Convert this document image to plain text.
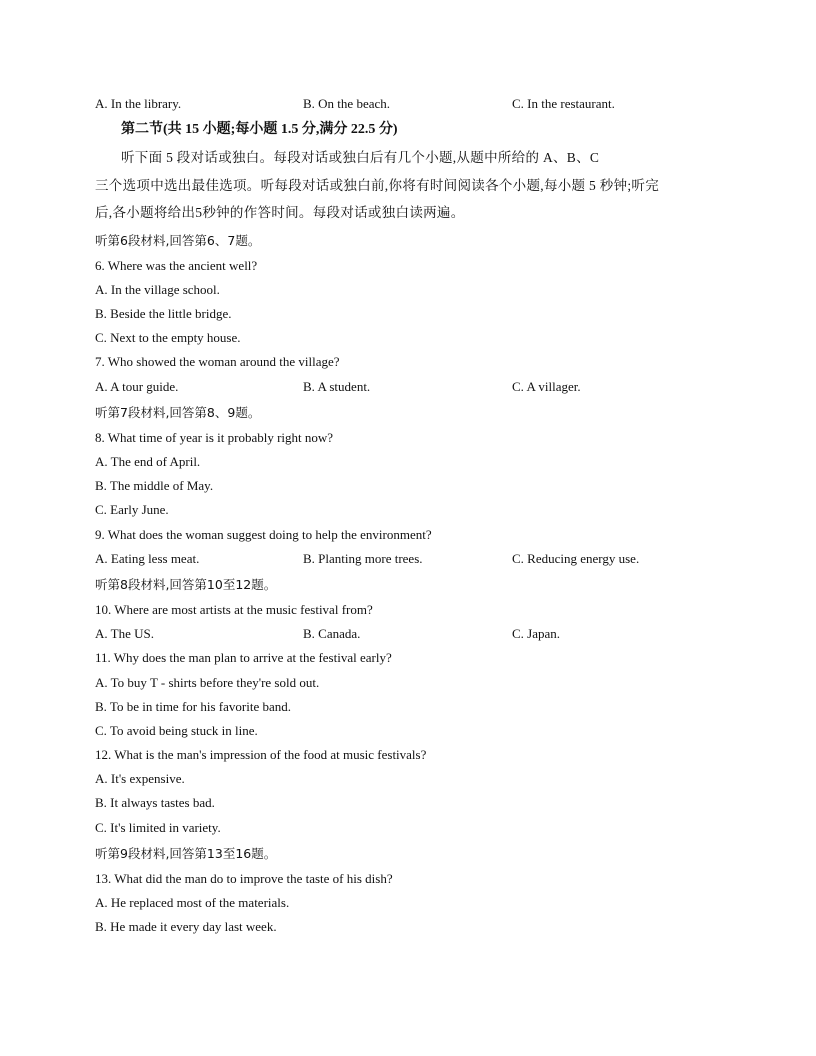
A. In the library.	B. On the beach.	C. In the restaurant.
第二节(共 15 小题;每小题 1.5 分,满分 22.5 分)
听下面 5 段对话或独白。每段对话或独白后有几个小题,从题中所给的 A、B、C
三个选项中选出最佳选项。听每段对话或独白前,你将有时间阅读各个小题,每小题 5 秒钟;听完
后,各小题将给出5秒钟的作答时间。每段对话或独白读两遍。
听第6段材料,回答第6、7题。
6. Where was the ancient well?
A. In the village school.
B. Beside the little bridge.
C. Next to the empty house.
7. Who showed the woman around the village?
A. A tour guide.	B. A student.	C. A villager.
听第7段材料,回答第8、9题。
8. What time of year is it probably right now?
A. The end of April.
B. The middle of May.
C. Early June.
9. What does the woman suggest doing to help the environment?
A. Eating less meat.	B. Planting more trees.	C. Reducing energy use.
听第8段材料,回答第10至12题。
10. Where are most artists at the music festival from?
A. The US.	B. Canada.	C. Japan.
11. Why does the man plan to arrive at the festival early?
A. To buy T - shirts before they're sold out.
B. To be in time for his favorite band.
C. To avoid being stuck in line.
12. What is the man's impression of the food at music festivals?
A. It's expensive.
B. It always tastes bad.
C. It's limited in variety.
听第9段材料,回答第13至16题。
13. What did the man do to improve the taste of his dish?
A. He replaced most of the materials.
B. He made it every day last week.
